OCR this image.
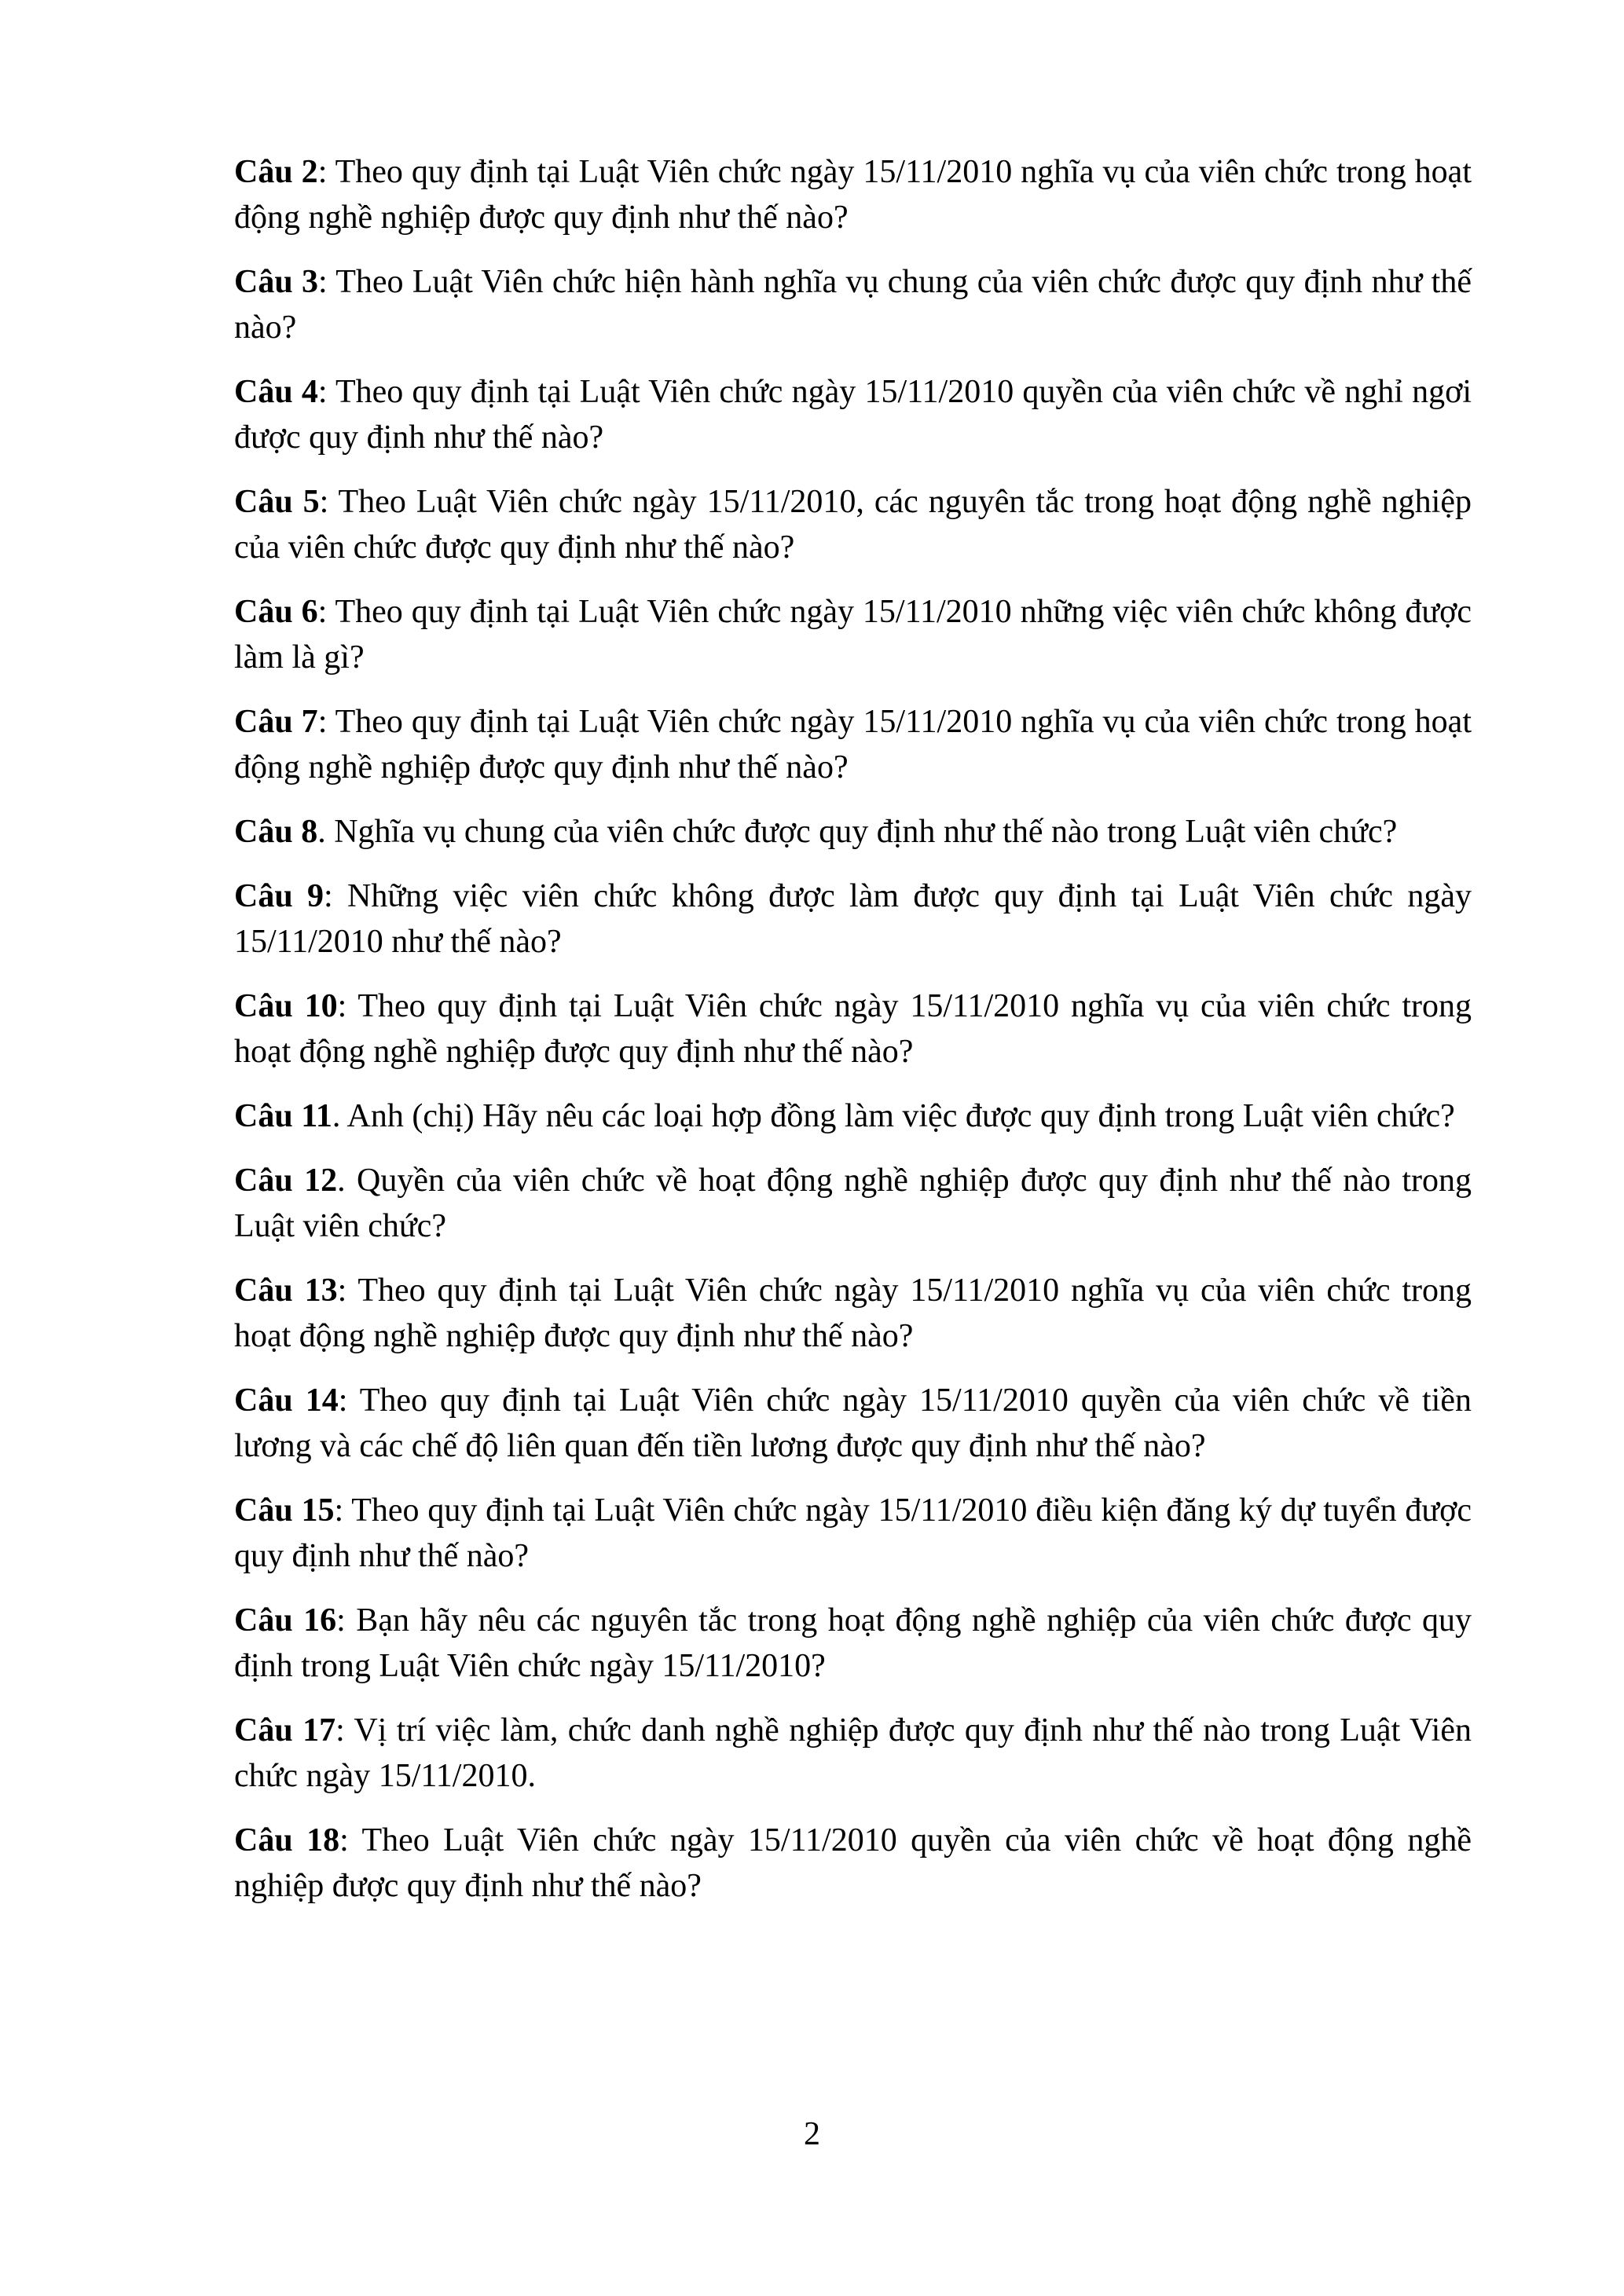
Câu 2: Theo quy định tại Luật Viên chức ngày 15/11/2010 nghĩa vụ của viên chức trong hoạt động nghề nghiệp được quy định như thế nào?

Câu 3: Theo Luật Viên chức hiện hành nghĩa vụ chung của viên chức được quy định như thế nào?

Câu 4: Theo quy định tại Luật Viên chức ngày 15/11/2010 quyền của viên chức về nghỉ ngơi được quy định như thế nào?

Câu 5: Theo Luật Viên chức ngày 15/11/2010, các nguyên tắc trong hoạt động nghề nghiệp của viên chức được quy định như thế nào?

Câu 6: Theo quy định tại Luật Viên chức ngày 15/11/2010 những việc viên chức không được làm là gì?

Câu 7: Theo quy định tại Luật Viên chức ngày 15/11/2010 nghĩa vụ của viên chức trong hoạt động nghề nghiệp được quy định như thế nào?

Câu 8. Nghĩa vụ chung của viên chức được quy định như thế nào trong Luật viên chức?

Câu 9: Những việc viên chức không được làm được quy định tại Luật Viên chức ngày 15/11/2010 như thế nào?

Câu 10: Theo quy định tại Luật Viên chức ngày 15/11/2010 nghĩa vụ của viên chức trong hoạt động nghề nghiệp được quy định như thế nào?

Câu 11. Anh (chị) Hãy nêu các loại hợp đồng làm việc được quy định trong Luật viên chức?

Câu 12. Quyền của viên chức về hoạt động nghề nghiệp được quy định như thế nào trong Luật viên chức?

Câu 13: Theo quy định tại Luật Viên chức ngày 15/11/2010 nghĩa vụ của viên chức trong hoạt động nghề nghiệp được quy định như thế nào?

Câu 14: Theo quy định tại Luật Viên chức ngày 15/11/2010 quyền của viên chức về tiền lương và các chế độ liên quan đến tiền lương được quy định như thế nào?

Câu 15: Theo quy định tại Luật Viên chức ngày 15/11/2010 điều kiện đăng ký dự tuyển được quy định như thế nào?

Câu 16: Bạn hãy nêu các nguyên tắc trong hoạt động nghề nghiệp của viên chức được quy định trong Luật Viên chức ngày 15/11/2010?

Câu 17: Vị trí việc làm, chức danh nghề nghiệp được quy định như thế nào trong Luật Viên chức ngày 15/11/2010.

Câu 18: Theo Luật Viên chức ngày 15/11/2010 quyền của viên chức về hoạt động nghề nghiệp được quy định như thế nào?

2
